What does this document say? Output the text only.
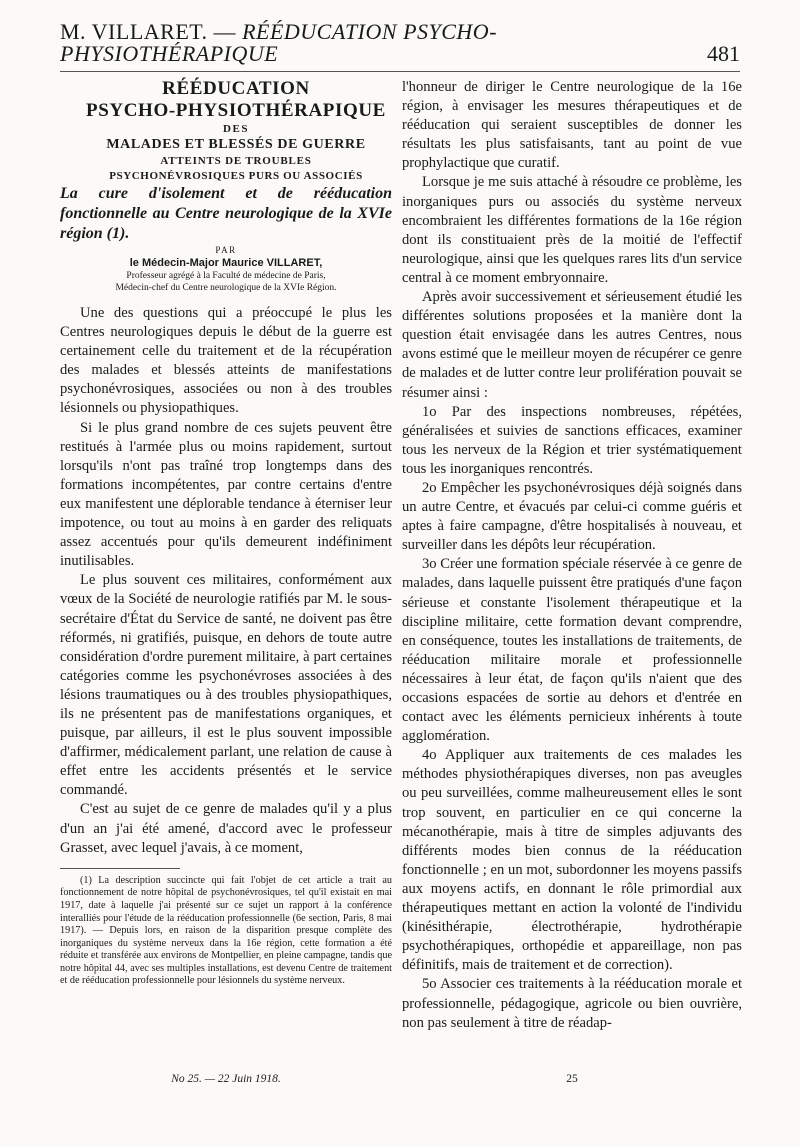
M. VILLARET. — RÉÉDUCATION PSYCHO-PHYSIOTHÉRAPIQUE	481

RÉÉDUCATION

PSYCHO-PHYSIOTHÉRAPIQUE

DES

MALADES ET BLESSÉS DE GUERRE

ATTEINTS DE TROUBLES

PSYCHONÉVROSIQUES PURS OU ASSOCIÉS

La cure d'isolement et de rééducation fonctionnelle au Centre neurologique de la XVIe région (1).

PAR

le Médecin-Major Maurice VILLARET,

Professeur agrégé à la Faculté de médecine de Paris,

Médecin-chef du Centre neurologique de la XVIe Région.

Une des questions qui a préoccupé le plus les Centres neurologiques depuis le début de la guerre est certainement celle du traitement et de la récupération des malades et blessés atteints de manifestations psychonévrosiques, associées ou non à des troubles lésionnels ou physiopathiques.

Si le plus grand nombre de ces sujets peuvent être restitués à l'armée plus ou moins rapidement, surtout lorsqu'ils n'ont pas traîné trop longtemps dans des formations incompétentes, par contre certains d'entre eux manifestent une déplorable tendance à éterniser leur impotence, ou tout au moins à en garder des reliquats assez accentués pour qu'ils demeurent indéfiniment inutilisables.

Le plus souvent ces militaires, conformément aux vœux de la Société de neurologie ratifiés par M. le sous-secrétaire d'État du Service de santé, ne doivent pas être réformés, ni gratifiés, puisque, en dehors de toute autre considération d'ordre purement militaire, à part certaines catégories comme les psychonévroses associées à des lésions traumatiques ou à des troubles physiopathiques, ils ne présentent pas de manifestations organiques, et puisque, par ailleurs, il est le plus souvent impossible d'affirmer, médicalement parlant, une relation de cause à effet entre les accidents présentés et le service commandé.

C'est au sujet de ce genre de malades qu'il y a plus d'un an j'ai été amené, d'accord avec le professeur Grasset, avec lequel j'avais, à ce moment,

(1) La description succincte qui fait l'objet de cet article a trait au fonctionnement de notre hôpital de psychonévrosiques, tel qu'il existait en mai 1917, date à laquelle j'ai présenté sur ce sujet un rapport à la conférence interalliés pour l'étude de la rééducation professionnelle (6e section, Paris, 8 mai 1917). — Depuis lors, en raison de la disparition presque complète des inorganiques du système nerveux dans la 16e région, cette formation a été réduite et transférée aux environs de Montpellier, en pleine campagne, tandis que notre hôpital 44, avec ses multiples installations, est devenu Centre de traitement et de rééducation professionnelle pour lésionnels du système nerveux.

l'honneur de diriger le Centre neurologique de la 16e région, à envisager les mesures thérapeutiques et de rééducation qui seraient susceptibles de donner les résultats les plus satisfaisants, tant au point de vue prophylactique que curatif.

Lorsque je me suis attaché à résoudre ce problème, les inorganiques purs ou associés du système nerveux encombraient les différentes formations de la 16e région dont ils constituaient près de la moitié de l'effectif neurologique, ainsi que les quelques rares lits d'un service central à ce moment embryonnaire.

Après avoir successivement et sérieusement étudié les différentes solutions proposées et la manière dont la question était envisagée dans les autres Centres, nous avons estimé que le meilleur moyen de récupérer ce genre de malades et de lutter contre leur prolifération pouvait se résumer ainsi :

1o Par des inspections nombreuses, répétées, généralisées et suivies de sanctions efficaces, examiner tous les nerveux de la Région et trier systématiquement tous les inorganiques rencontrés.

2o Empêcher les psychonévrosiques déjà soignés dans un autre Centre, et évacués par celui-ci comme guéris et aptes à faire campagne, d'être hospitalisés à nouveau, et surveiller dans les dépôts leur récupération.

3o Créer une formation spéciale réservée à ce genre de malades, dans laquelle puissent être pratiqués d'une façon sérieuse et constante l'isolement thérapeutique et la discipline militaire, cette formation devant comprendre, en conséquence, toutes les installations de traitements, de rééducation militaire morale et professionnelle nécessaires à leur état, de façon qu'ils n'aient que des occasions espacées de sortie au dehors et d'entrée en contact avec les éléments pernicieux inhérents à toute agglomération.

4o Appliquer aux traitements de ces malades les méthodes physiothérapiques diverses, non pas aveugles ou peu surveillées, comme malheureusement elles le sont trop souvent, en particulier en ce qui concerne la mécanothérapie, mais à titre de simples adjuvants des différents modes bien connus de la rééducation fonctionnelle ; en un mot, subordonner les moyens passifs aux moyens actifs, en donnant le rôle primordial aux thérapeutiques mettant en action la volonté de l'individu (kinésithérapie, électrothérapie, hydrothérapie psychothérapiques, orthopédie et appareillage, non pas définitifs, mais de traitement et de correction).

5o Associer ces traitements à la rééducation morale et professionnelle, pédagogique, agricole ou bien ouvrière, non pas seulement à titre de réadap-

No 25. — 22 Juin 1918.	25
